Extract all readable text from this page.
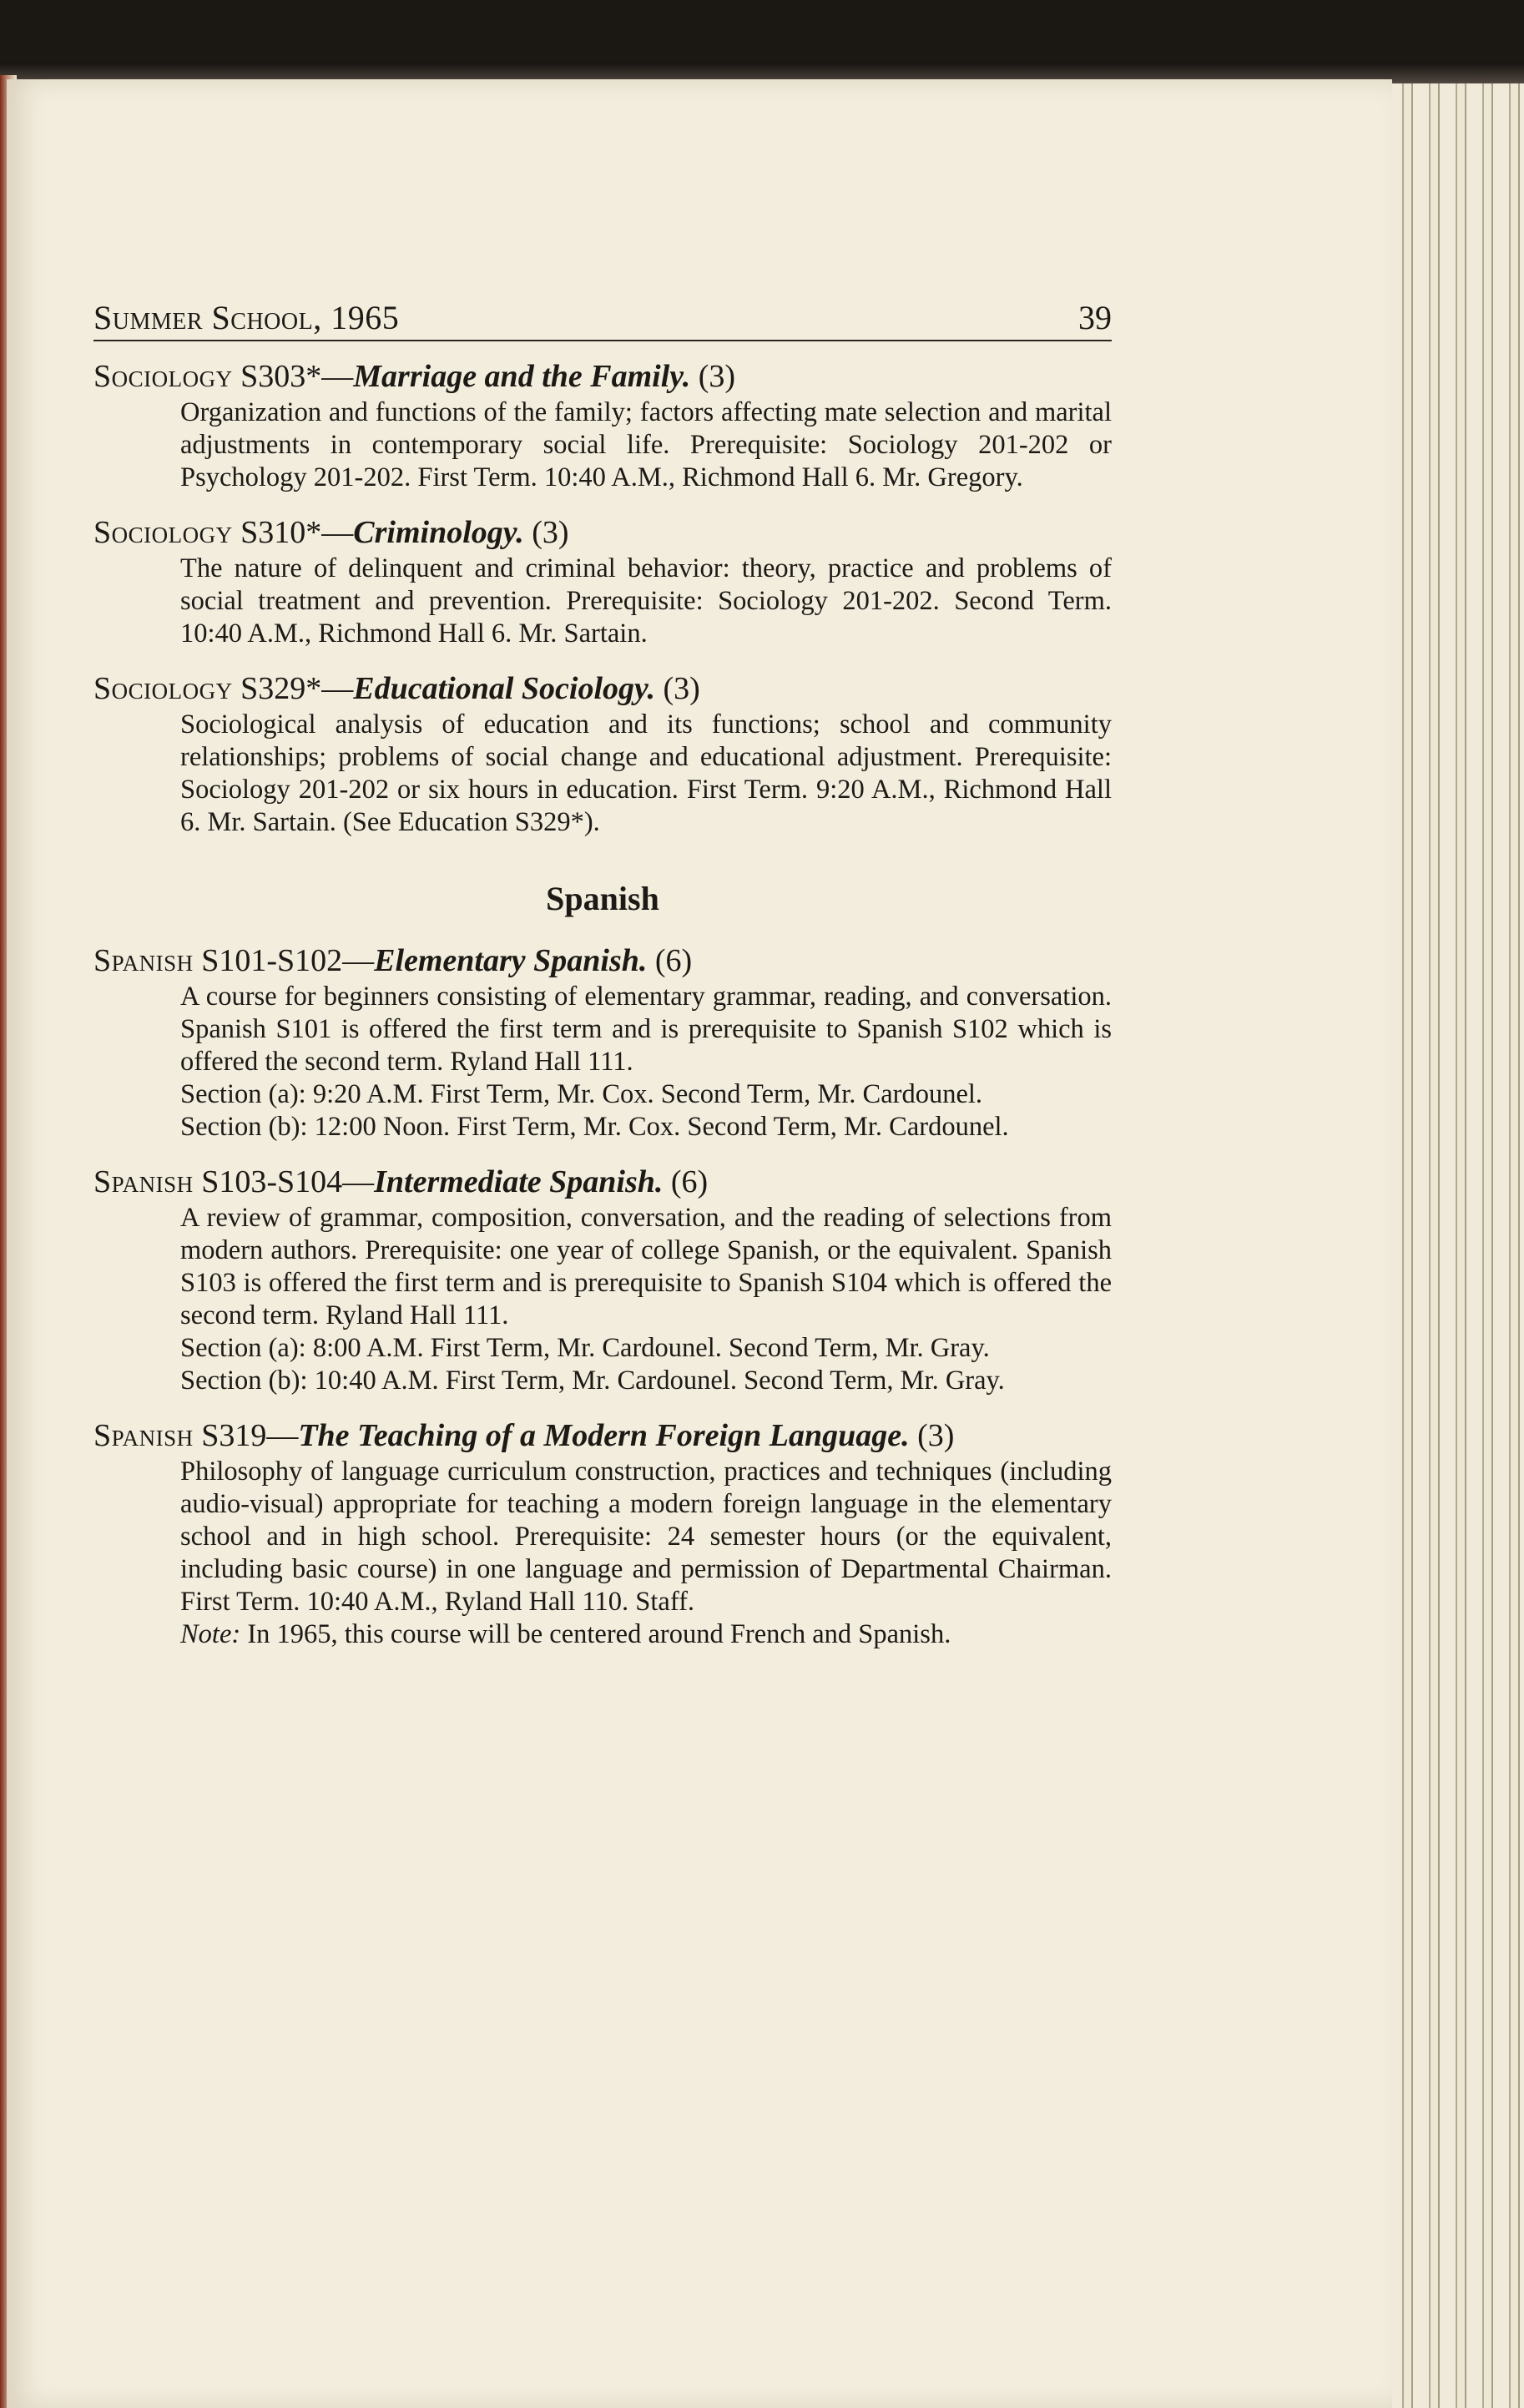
Summer School, 1965	39

Sociology S303*—Marriage and the Family. (3)

Organization and functions of the family; factors affecting mate selection and marital adjustments in contemporary social life. Prerequisite: Sociology 201-202 or Psychology 201-202. First Term. 10:40 A.M., Richmond Hall 6. Mr. Gregory.

Sociology S310*—Criminology. (3)

The nature of delinquent and criminal behavior: theory, practice and problems of social treatment and prevention. Prerequisite: Sociology 201-202. Second Term. 10:40 A.M., Richmond Hall 6. Mr. Sartain.

Sociology S329*—Educational Sociology. (3)

Sociological analysis of education and its functions; school and community relationships; problems of social change and educational adjustment. Prerequisite: Sociology 201-202 or six hours in education. First Term. 9:20 A.M., Richmond Hall 6. Mr. Sartain. (See Education S329*).

Spanish

Spanish S101-S102—Elementary Spanish. (6)

A course for beginners consisting of elementary grammar, reading, and conversation. Spanish S101 is offered the first term and is prerequisite to Spanish S102 which is offered the second term. Ryland Hall 111.

Section (a): 9:20 A.M. First Term, Mr. Cox. Second Term, Mr. Cardounel.
Section (b): 12:00 Noon. First Term, Mr. Cox. Second Term, Mr. Cardounel.

Spanish S103-S104—Intermediate Spanish. (6)

A review of grammar, composition, conversation, and the reading of selections from modern authors. Prerequisite: one year of college Spanish, or the equivalent. Spanish S103 is offered the first term and is prerequisite to Spanish S104 which is offered the second term. Ryland Hall 111.

Section (a): 8:00 A.M. First Term, Mr. Cardounel. Second Term, Mr. Gray.
Section (b): 10:40 A.M. First Term, Mr. Cardounel. Second Term, Mr. Gray.

Spanish S319—The Teaching of a Modern Foreign Language. (3)

Philosophy of language curriculum construction, practices and techniques (including audio-visual) appropriate for teaching a modern foreign language in the elementary school and in high school. Prerequisite: 24 semester hours (or the equivalent, including basic course) in one language and permission of Departmental Chairman. First Term. 10:40 A.M., Ryland Hall 110. Staff.

Note: In 1965, this course will be centered around French and Spanish.
